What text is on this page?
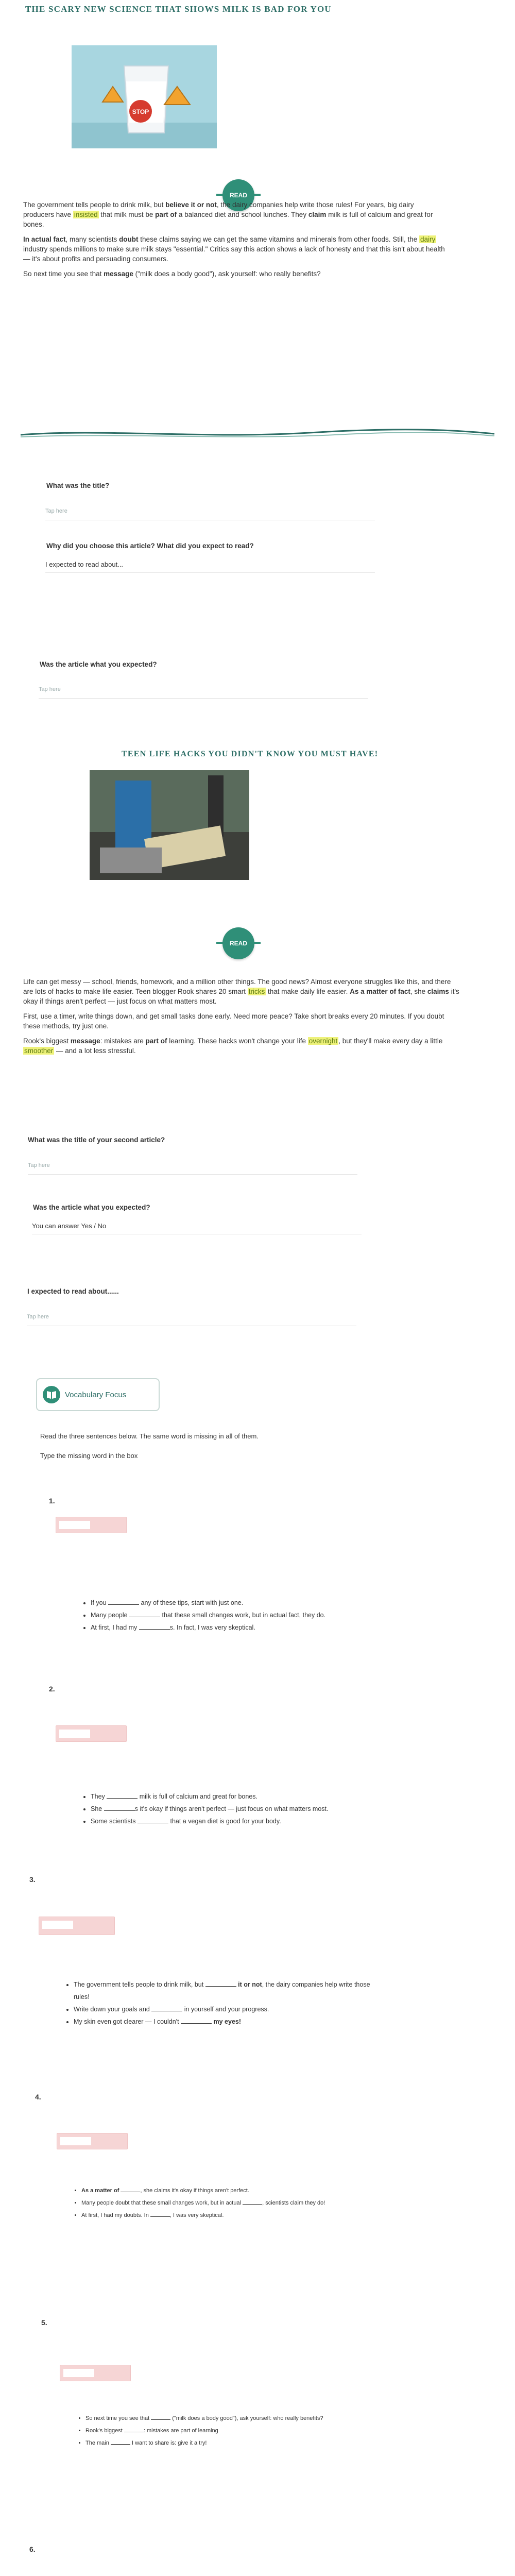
THE SCARY NEW SCIENCE THAT SHOWS MILK IS BAD FOR YOU
STOP
READ

The government tells people to drink milk, but believe it or not, the dairy companies help write those rules! For years, big dairy producers have insisted that milk must be part of a balanced diet and school lunches. They claim milk is full of calcium and great for bones.

In actual fact, many scientists doubt these claims saying we can get the same vitamins and minerals from other foods. Still, the dairy industry spends millions to make sure milk stays "essential." Critics say this action shows a lack of honesty and that this isn't about health — it's about profits and persuading consumers.

So next time you see that message ("milk does a body good"), ask yourself: who really benefits?

What was the title?
Tap here
Why did you choose this article? What did you expect to read?
I expected to read about...
Was the article what you expected?
Tap here
TEEN LIFE HACKS YOU DIDN'T KNOW YOU MUST HAVE!
READ

Life can get messy — school, friends, homework, and a million other things. The good news? Almost everyone struggles like this, and there are lots of hacks to make life easier. Teen blogger Rook shares 20 smart tricks that make daily life easier. As a matter of fact, she claims it's okay if things aren't perfect — just focus on what matters most.

First, use a timer, write things down, and get small tasks done early. Need more peace? Take short breaks every 20 minutes. If you doubt these methods, try just one.

Rook's biggest message: mistakes are part of learning. These hacks won't change your life overnight , but they'll make every day a little smoother — and a lot less stressful.

What was the title of your second article?
Tap here
Was the article what you expected?
You can answer Yes / No
I expected to read about......
Tap here
Vocabulary Focus
Read the three sentences below. The same word is missing in all of them.
Type the missing word in the box
1.
• If you	any of these tips, start with just one.
• Many people	that these small changes work, but in actual fact, they do.
• At first, I had my	s. In fact, I was very skeptical.
2.
• They	milk is full of calcium and great for bones.
• She	s it's okay if things aren't perfect — just focus on what matters most.
• Some scientists	that a vegan diet is good for your body.
3.
• The government tells people to drink milk, but	it or not, the dairy companies help write those rules!
• Write down your goals and	in yourself and your progress.
• My skin even got clearer — I couldn't	my eyes!
4.
• As a matter of	, she claims it's okay if things aren't perfect.
• Many people doubt that these small changes work, but in actual	, scientists claim they do!
• At first, I had my doubts. In	, I was very skeptical.
5.
• So next time you see that	("milk does a body good"), ask yourself: who really benefits?
• Rook's biggest	: mistakes are part of learning
• The main	I want to share is: give it a try!
6.
